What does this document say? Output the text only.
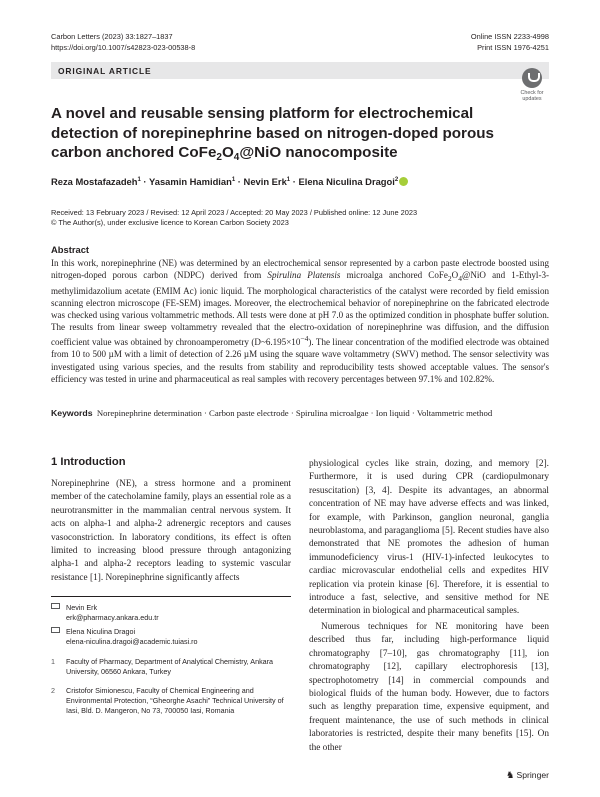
Carbon Letters (2023) 33:1827–1837
https://doi.org/10.1007/s42823-023-00538-8
Online ISSN 2233-4998
Print ISSN 1976-4251
ORIGINAL ARTICLE
Check for
updates
A novel and reusable sensing platform for electrochemical detection of norepinephrine based on nitrogen-doped porous carbon anchored $CoFe_2O_4@NiO$ nanocomposite
Reza Mostafazadeh$^1$ · Yasamin Hamidian$^1$ · Nevin Erk$^1$ · Elena Niculina Dragoi$^2$
Received: 13 February 2023 / Revised: 12 April 2023 / Accepted: 20 May 2023 / Published online: 12 June 2023
© The Author(s), under exclusive licence to Korean Carbon Society 2023
Abstract

In this work, norepinephrine (NE) was determined by an electrochemical sensor represented by a carbon paste electrode boosted using nitrogen-doped porous carbon (NDPC) derived from Spirulina Platensis microalga anchored $CoFe_2O_4@NiO$ and 1-Ethyl-3-methylimidazolium acetate (EMIM Ac) ionic liquid. The morphological characteristics of the catalyst were recorded by field emission scanning electron microscope (FE-SEM) images. Moreover, the electrochemical behavior of norepinephrine on the fabricated electrode was checked using various voltammetric methods. All tests were done at pH 7.0 as the optimized condition in phosphate buffer solution. The results from linear sweep voltammetry revealed that the electro-oxidation of norepinephrine was diffusion, and the diffusion coefficient value was obtained by chronoamperometry $(D\sim 6.195\times 10^{-4})$. The linear concentration of the modified electrode was obtained from 10 to 500 µM with a limit of detection of 2.26 µM using the square wave voltammetry (SWV) method. The sensor selectivity was investigated using various species, and the results from stability and reproducibility tests showed acceptable values. The sensor's efficiency was tested in urine and pharmaceutical as real samples with recovery percentages between 97.1% and 102.82%.

Keywords Norepinephrine determination · Carbon paste electrode · Spirulina microalgae · Ion liquid · Voltammetric method
1 Introduction

Norepinephrine (NE), a stress hormone and a prominent member of the catecholamine family, plays an essential role as a neurotransmitter in the mammalian central nervous system. It acts on alpha-1 and alpha-2 adrenergic receptors and causes vasoconstriction. In laboratory conditions, its effect is often limited to increasing blood pressure through antagonizing alpha-1 and alpha-2 receptors leading to systemic vascular resistance [1]. Norepinephrine significantly affects

physiological cycles like strain, dozing, and memory [2]. Furthermore, it is used during CPR (cardiopulmonary resuscitation) [3, 4]. Despite its advantages, an abnormal concentration of NE may have adverse effects and was linked, for example, with Parkinson, ganglion neuronal, ganglia neuroblastoma, and paraganglioma [5]. Recent studies have also demonstrated that NE promotes the adhesion of human immunodeficiency virus-1 (HIV-1)-infected leukocytes to cardiac microvascular endothelial cells and expedites HIV replication via protein kinase [6]. Therefore, it is essential to introduce a fast, selective, and sensitive method for NE determination in biological and pharmaceutical samples.

Numerous techniques for NE monitoring have been described thus far, including high-performance liquid chromatography [7–10], gas chromatography [11], ion chromatography [12], capillary electrophoresis [13], spectrophotometry [14] in commercial compounds and biological fluids of the human body. However, due to factors such as lengthy preparation time, expensive equipment, and frequent maintenance, the use of such methods in clinical laboratories is restricted, despite their many benefits [15]. On the other

Nevin Erk
erk@pharmacy.ankara.edu.tr
Elena Niculina Dragoi
elena-niculina.dragoi@academic.tuiasi.ro
1	Faculty of Pharmacy, Department of Analytical Chemistry, Ankara University, 06560 Ankara, Turkey
2	Cristofor Simionescu, Faculty of Chemical Engineering and Environmental Protection, “Gheorghe Asachi” Technical University of Iasi, Bld. D. Mangeron, No 73, 700050 Iasi, Romania
♞ Springer
